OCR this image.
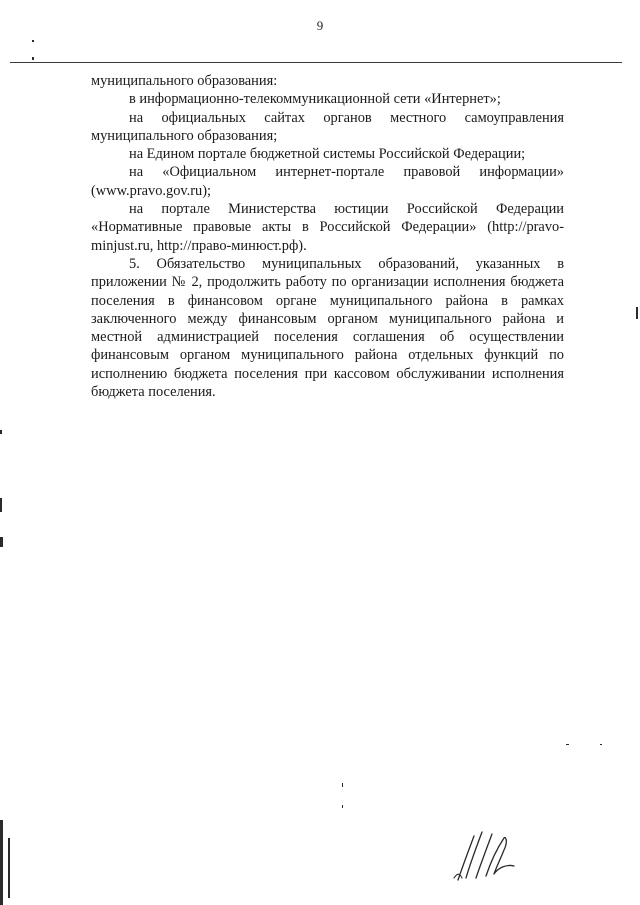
9

муниципального образования:

в информационно-телекоммуникационной сети «Интернет»;

на официальных сайтах органов местного самоуправления муниципального образования;

на Едином портале бюджетной системы Российской Федерации;

на «Официальном интернет-портале правовой информации» (www.pravo.gov.ru);

на портале Министерства юстиции Российской Федерации «Нормативные правовые акты в Российской Федерации» (http://pravo-minjust.ru, http://право-минюст.рф).

5. Обязательство муниципальных образований, указанных в приложении № 2, продолжить работу по организации исполнения бюджета поселения в финансовом органе муниципального района в рамках заключенного между финансовым органом муниципального района и местной администрацией поселения соглашения об осуществлении финансовым органом муниципального района отдельных функций по исполнению бюджета поселения при кассовом обслуживании исполнения бюджета поселения.
